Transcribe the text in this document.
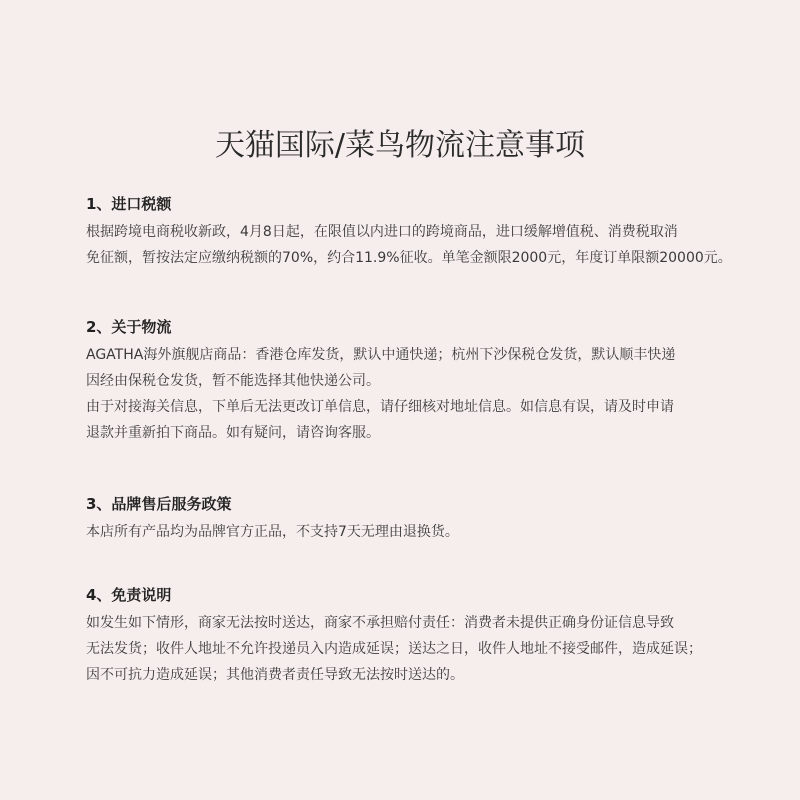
天猫国际/菜鸟物流注意事项
1、进口税额

根据跨境电商税收新政，4月8日起，在限值以内进口的跨境商品，进口缓解增值税、消费税取消

免征额，暂按法定应缴纳税额的70%，约合11.9%征收。单笔金额限2000元，年度订单限额20000元。

2、关于物流

AGATHA海外旗舰店商品：香港仓库发货，默认中通快递；杭州下沙保税仓发货，默认顺丰快递

因经由保税仓发货，暂不能选择其他快递公司。

由于对接海关信息，下单后无法更改订单信息，请仔细核对地址信息。如信息有误，请及时申请

退款并重新拍下商品。如有疑问，请咨询客服。

3、品牌售后服务政策

本店所有产品均为品牌官方正品，不支持7天无理由退换货。

4、免责说明

如发生如下情形，商家无法按时送达，商家不承担赔付责任：消费者未提供正确身份证信息导致

无法发货；收件人地址不允许投递员入内造成延误；送达之日，收件人地址不接受邮件，造成延误；

因不可抗力造成延误；其他消费者责任导致无法按时送达的。
